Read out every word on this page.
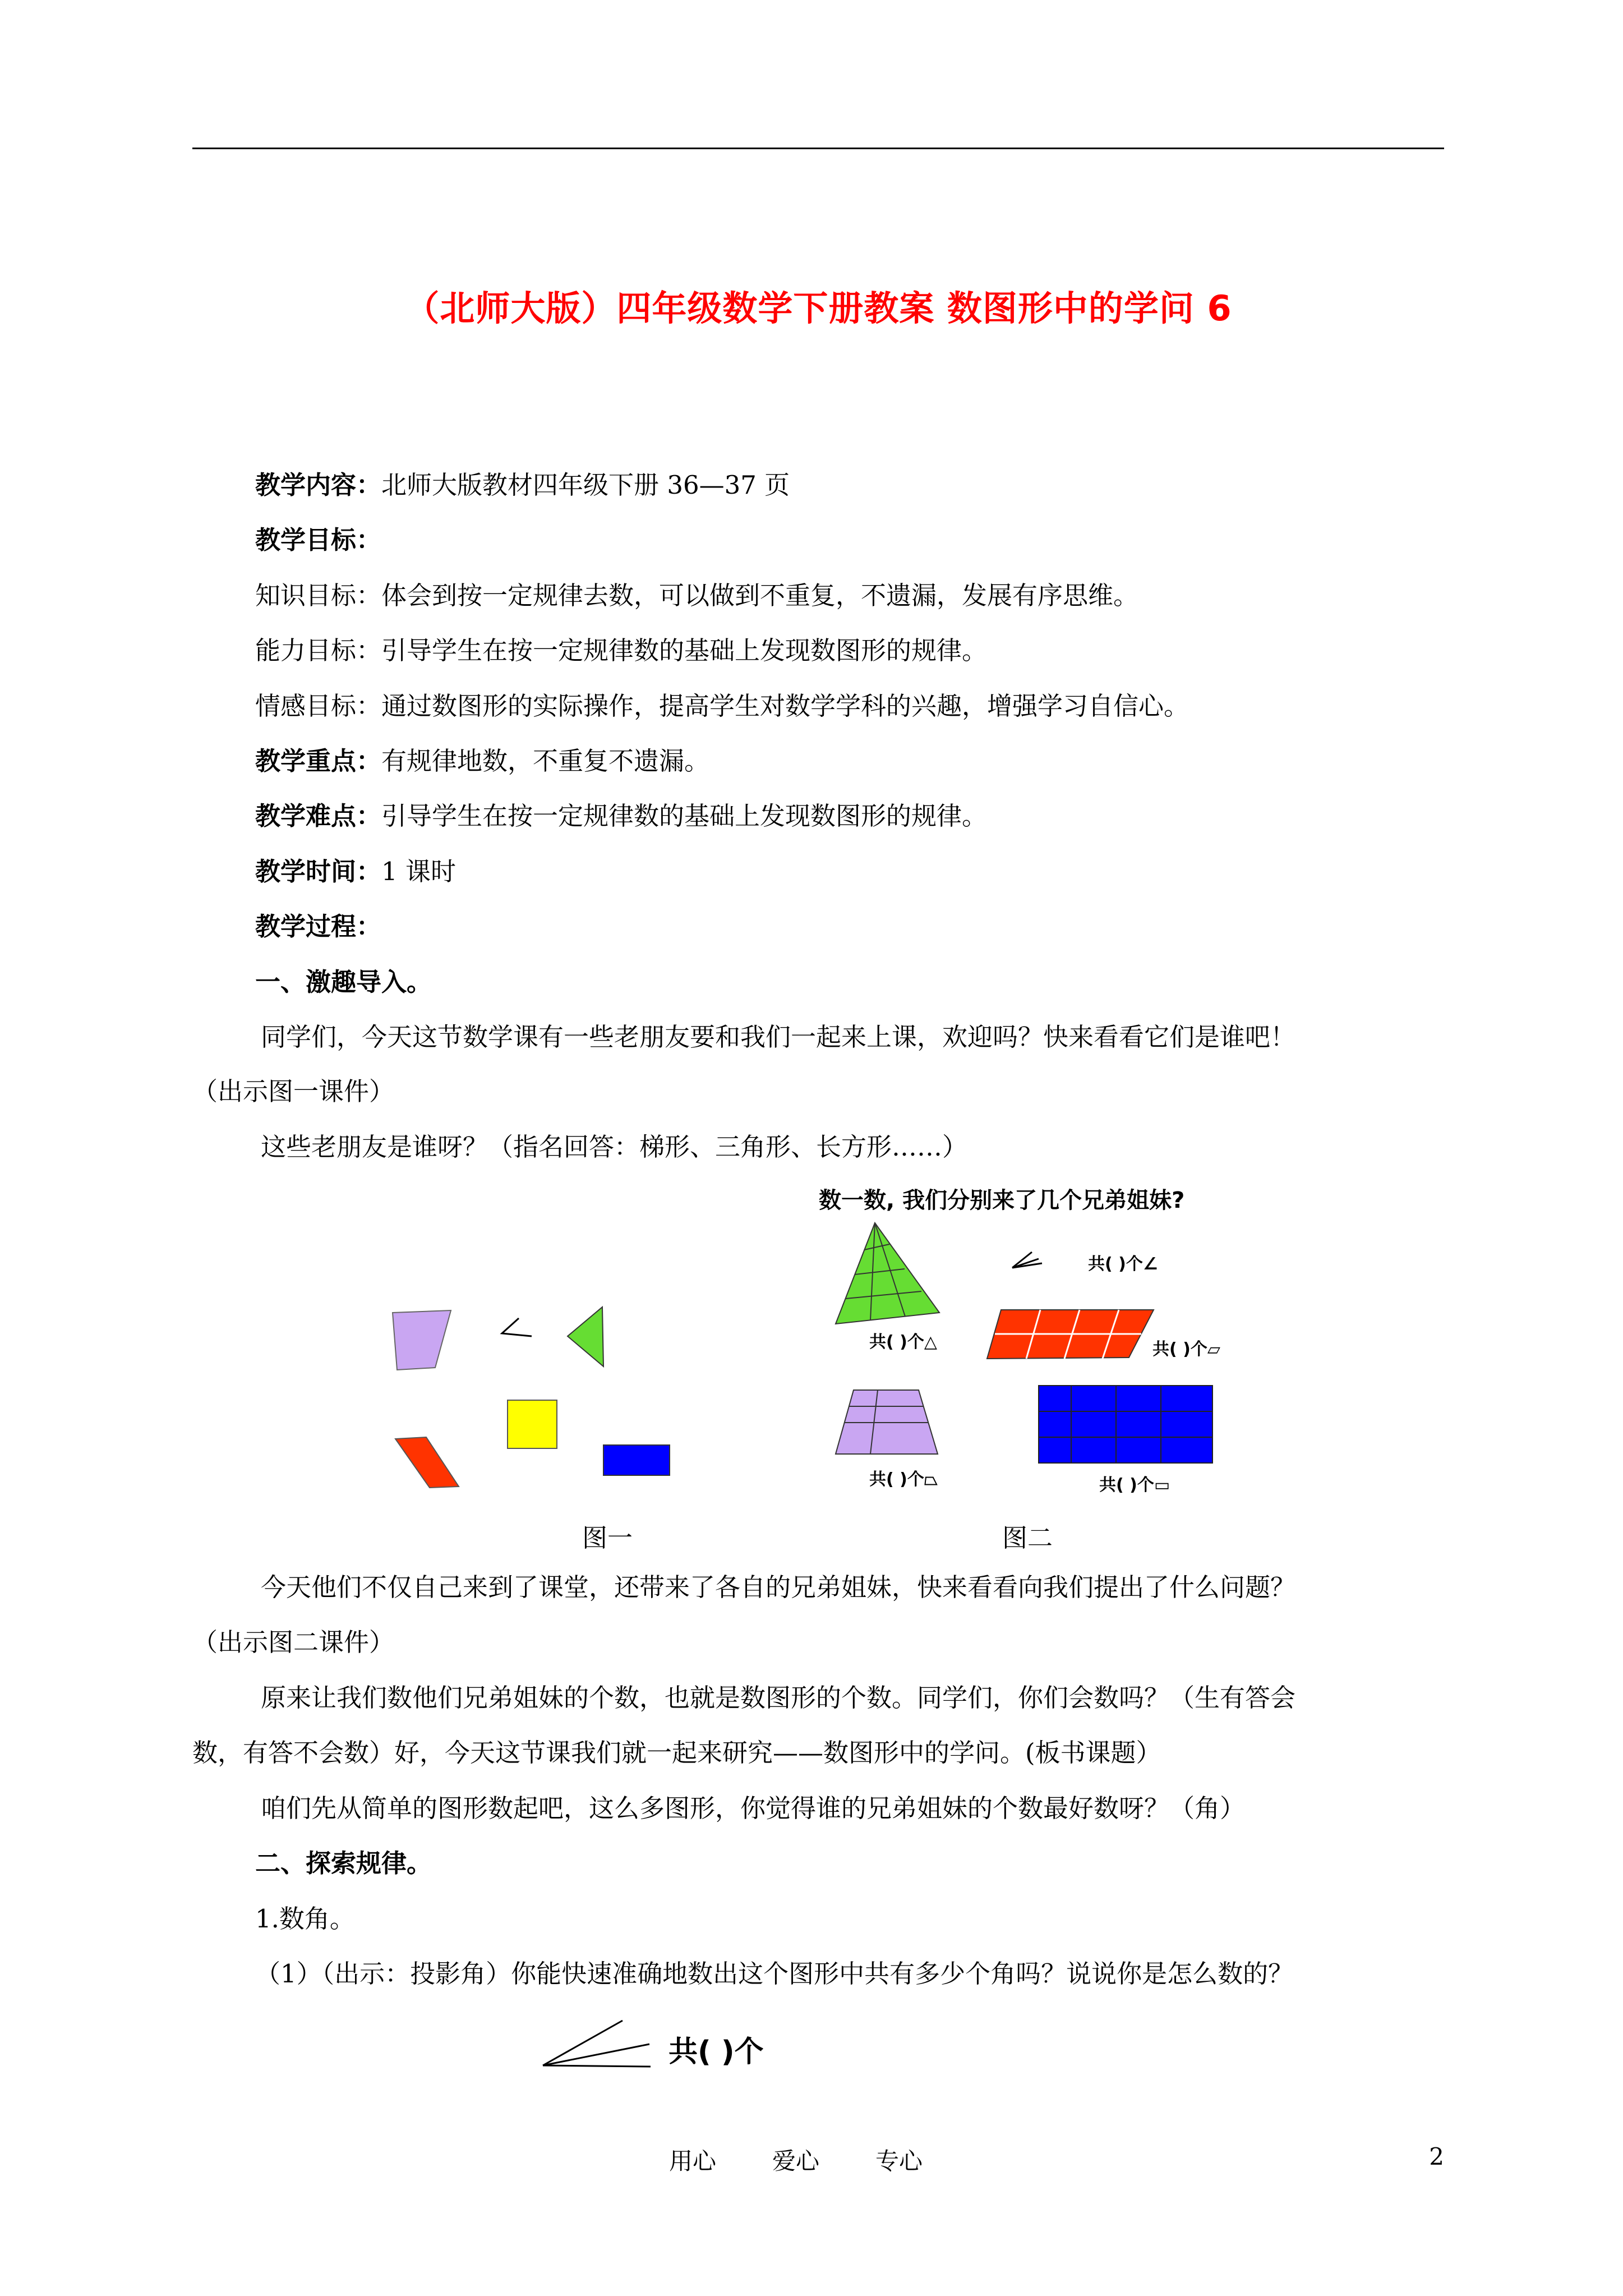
（北师大版）四年级数学下册教案 数图形中的学问 6
教学内容：北师大版教材四年级下册 36—37 页
教学目标：
知识目标：体会到按一定规律去数，可以做到不重复，不遗漏，发展有序思维。
能力目标：引导学生在按一定规律数的基础上发现数图形的规律。
情感目标：通过数图形的实际操作，提高学生对数学学科的兴趣，增强学习自信心。
教学重点：有规律地数，不重复不遗漏。
教学难点：引导学生在按一定规律数的基础上发现数图形的规律。
教学时间：1 课时
教学过程：
一、激趣导入。
同学们，今天这节数学课有一些老朋友要和我们一起来上课，欢迎吗？快来看看它们是谁吧！
（出示图一课件）
这些老朋友是谁呀？（指名回答：梯形、三角形、长方形……）
数一数, 我们分别来了几个兄弟姐妹?
共( )个∠
共( )个△	共( )个▱
共( )个⏢	共( )个▭
图一	图二
今天他们不仅自己来到了课堂，还带来了各自的兄弟姐妹，快来看看向我们提出了什么问题？
（出示图二课件）
原来让我们数他们兄弟姐妹的个数，也就是数图形的个数。同学们，你们会数吗？（生有答会
数，有答不会数）好，今天这节课我们就一起来研究——数图形中的学问。(板书课题）
咱们先从简单的图形数起吧，这么多图形，你觉得谁的兄弟姐妹的个数最好数呀？（角）
二、探索规律。
1.数角。
（1）（出示：投影角）你能快速准确地数出这个图形中共有多少个角吗？说说你是怎么数的？
共( )个
用心 爱心 专心	2
